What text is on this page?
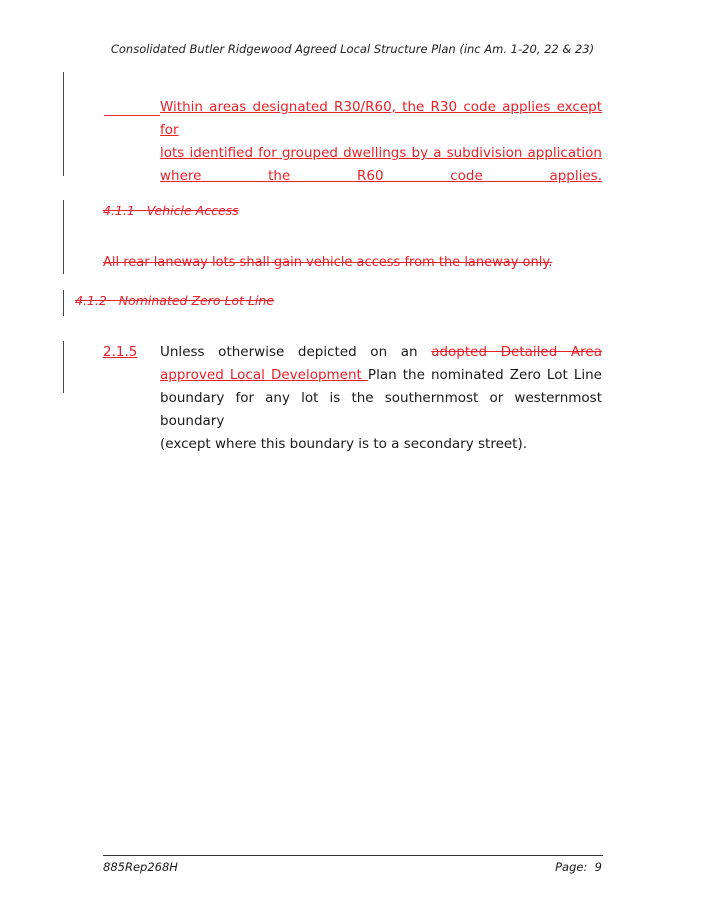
Consolidated Butler Ridgewood Agreed Local Structure Plan (inc Am. 1-20, 22 & 23)
Within areas designated R30/R60, the R30 code applies except for
lots identified for grouped dwellings by a subdivision application
where the R60 code applies.
4.1.1 Vehicle Access
All rear laneway lots shall gain vehicle access from the laneway only.
4.1.2 Nominated Zero Lot Line
2.1.5	Unless otherwise depicted on an adopted Detailed Area
approved Local Development Plan the nominated Zero Lot Line
boundary for any lot is the southernmost or westernmost boundary
(except where this boundary is to a secondary street).
885Rep268H	Page: 9
